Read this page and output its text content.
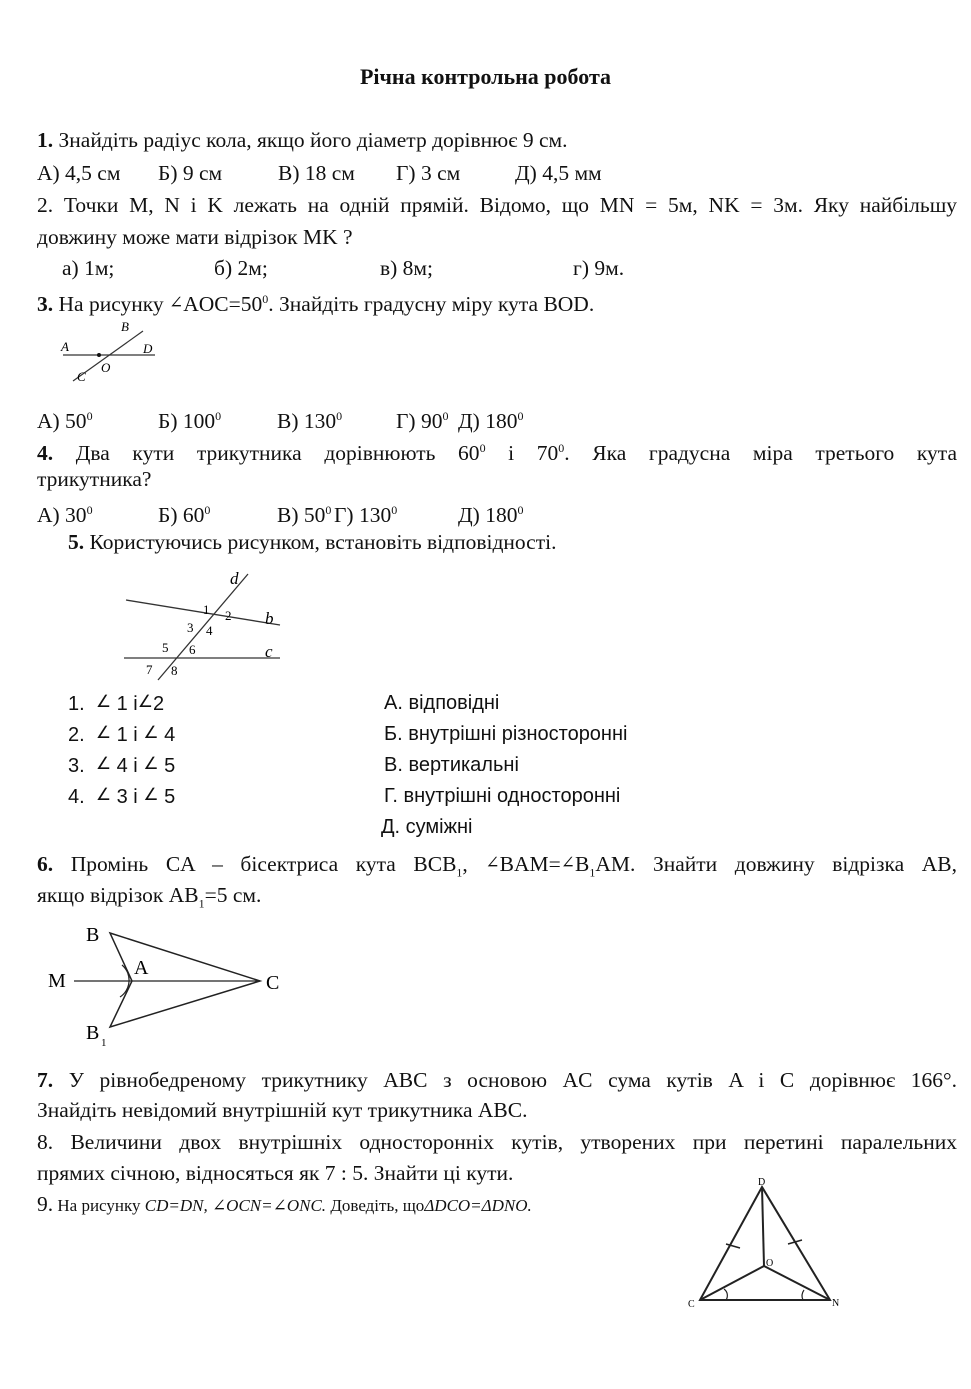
Річна контрольна робота
1. Знайдіть радіус кола, якщо його діаметр дорівнює 9 см.
А) 4,5 см Б) 9 см	В) 18 см Г) 3 см	Д) 4,5 мм
2. Точки M, N і K лежать на одній прямій. Відомо, що MN = 5м, NK = 3м. Яку найбільшу
довжину може мати відрізок MK ?
а) 1м;	б) 2м;	в) 8м;	г) 9м.
3. На рисунку $\angle AOC=50^0$. Знайдіть градусну міру кута BOD.
A
B
D
C
O
А) $50^0$	Б) $100^0$	В) $130^0$	Г) $90^0$ Д) $180^0$
4. Два кути трикутника дорівнюють $60^0$ і $70^0$. Яка градусна міра третього кута
трикутника?
А) $30^0$	Б) $60^0$	В) $50^0$ Г) $130^0$	Д) $180^0$
5. Користуючись рисунком, встановіть відповідності.
d
b
c
1 2
3 4
5 6
7 8
1. ∠ 1 і∠2
2. ∠ 1 і ∠ 4
3. ∠ 4 і ∠ 5
4. ∠ 3 і ∠ 5
А. відповідні
Б. внутрішні різносторонні
В. вертикальні
Г. внутрішні односторонні
Д. суміжні
6. Промінь CA – бісектриса кута $BCB_1$, $\angle BAM=\angle B_1AM$. Знайти довжину відрізка AB,
якщо відрізок $AB_1=5$ см.
B
M
A
C
B 1
7. У рівнобедреному трикутнику ABC з основою AC сума кутів A і C дорівнює 166°.
Знайдіть невідомий внутрішній кут трикутника ABC.
8. Величини двох внутрішніх односторонніх кутів, утворених при перетині паралельних
прямих січною, відносяться як 7 : 5. Знайти ці кути.
9. На рисунку CD=DN, ∠OCN=∠ONC. Доведіть, щоΔDCO=ΔDNO.
D
O
C	N
